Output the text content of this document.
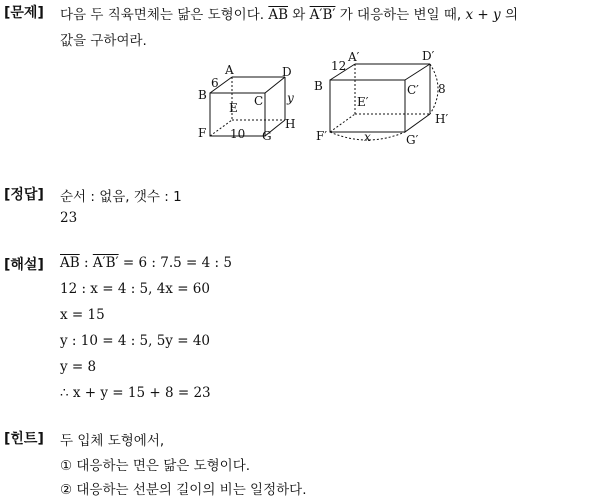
[문제] 다음 두 직육면체는 닮은 도형이다. $\overline{AB}$ 와 A′B′ 가 대응하는 변일 때, x + y 의
값을 구하여라.
A
B	C
D
E
F	G
H
6
10
y
A′
B	C′
D′
E′
F′	G′
H′
12
x
8
[정답] 순서 : 없음, 갯수 : 1
23
[해설] $\overline{AB}$ : A′B′ = 6 : 7.5 = 4 : 5
12 : x = 4 : 5, 4x = 60
x = 15
y : 10 = 4 : 5, 5y = 40
y = 8
∴ x + y = 15 + 8 = 23
[힌트] 두 입체 도형에서,
① 대응하는 면은 닮은 도형이다.
② 대응하는 선분의 길이의 비는 일정하다.
